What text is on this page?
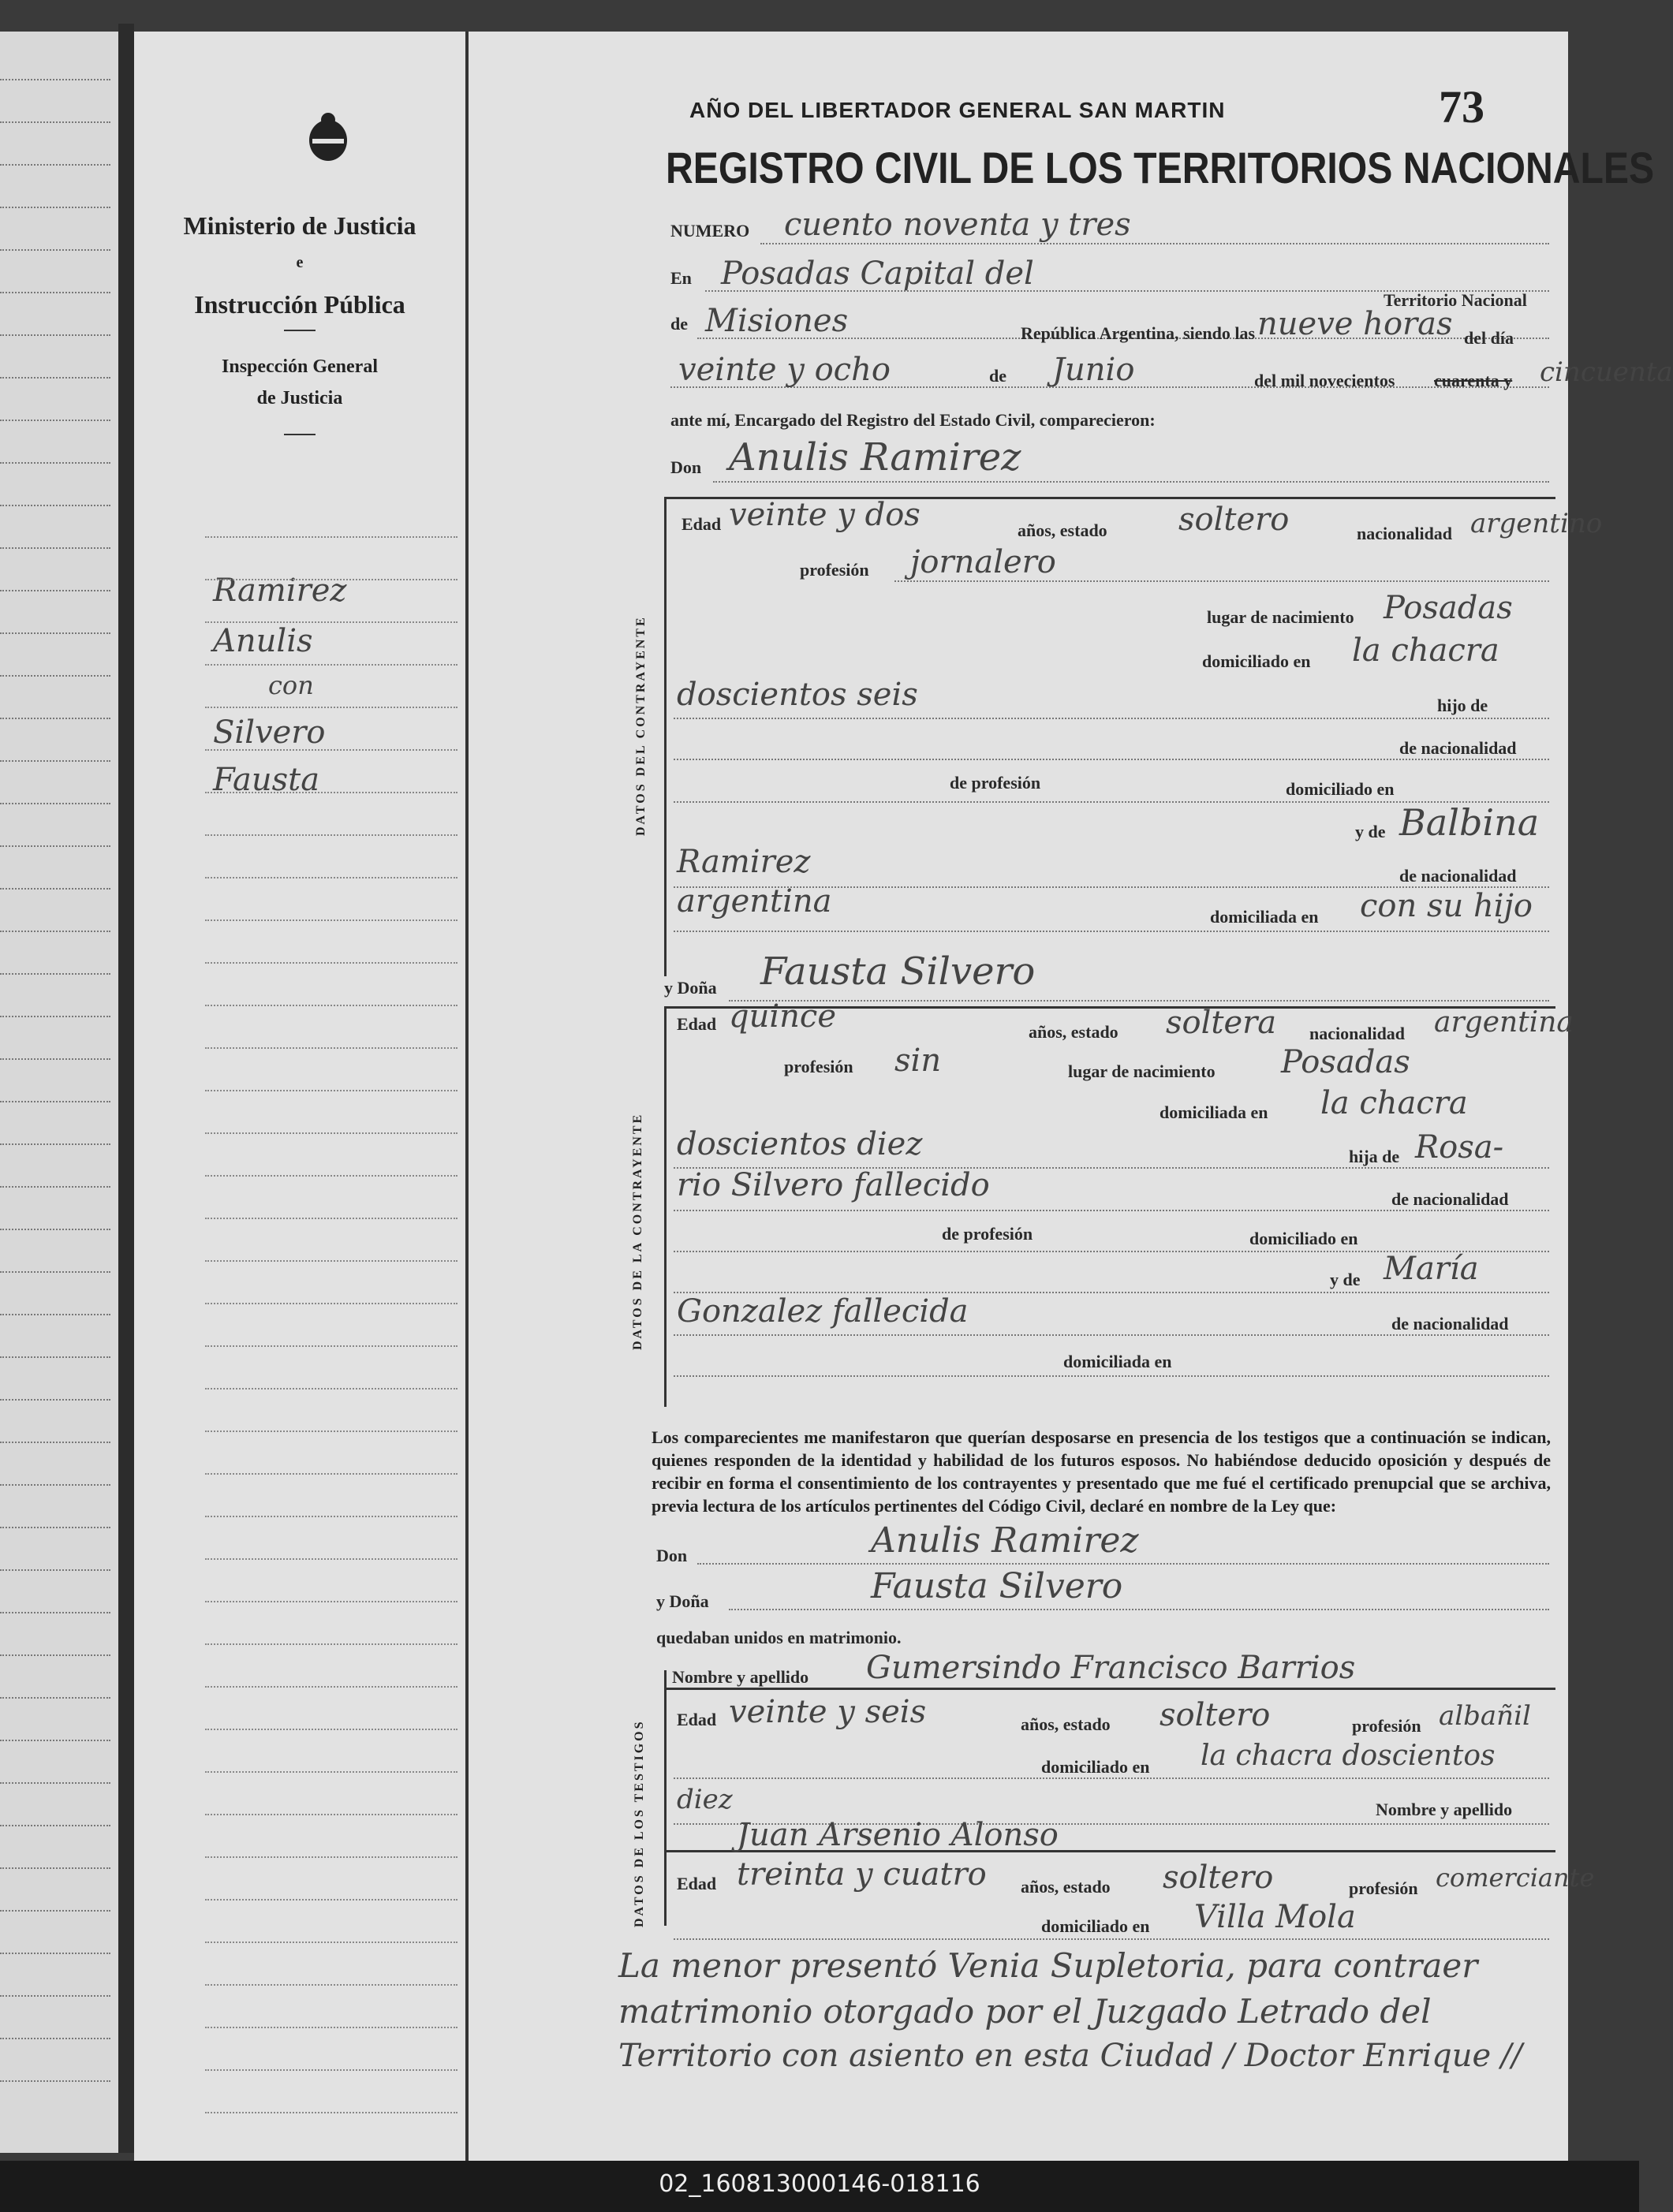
Ministerio de Justicia
e
Instrucción Pública
Inspección General
de Justicia
Ramirez
Anulis
con
Silvero
Fausta
AÑO DEL LIBERTADOR GENERAL SAN MARTIN	73
REGISTRO CIVIL DE LOS TERRITORIOS NACIONALES
NUMERO cuento noventa y tres
En Posadas Capital del
Territorio Nacional
de Misiones	República Argentina, siendo las nueve horas del día
veinte y ocho	de Junio	del mil novecientos cuarenta y cincuenta
ante mí, Encargado del Registro del Estado Civil, comparecieron:
Don Anulis Ramirez
DATOS DEL CONTRAYENTE
Edad veinte y dos	años, estado soltero	nacionalidad argentino
profesión jornalero
lugar de nacimiento Posadas
domiciliado en la chacra
doscientos seis	hijo de
de nacionalidad
de profesión	domiciliado en
y de Balbina
Ramirez	de nacionalidad
argentina	domiciliada en con su hijo
y Doña Fausta Silvero
DATOS DE LA CONTRAYENTE
Edad quince	años, estado soltera nacionalidad argentina
profesión sin	lugar de nacimiento Posadas
domiciliada en la chacra
doscientos diez	hija de Rosa-
rio Silvero fallecido	de nacionalidad
de profesión	domiciliado en
y de María
Gonzalez fallecida	de nacionalidad
domiciliada en
Los comparecientes me manifestaron que querían desposarse en presencia de los testigos que a continuación se indican, quienes responden de la identidad y habilidad de los futuros esposos. No habiéndose deducido oposición y después de recibir en forma el consentimiento de los contrayentes y presentado que me fué el certificado prenupcial que se archiva, previa lectura de los artículos pertinentes del Código Civil, declaré en nombre de la Ley que:
Don	Anulis Ramirez
y Doña	Fausta Silvero
quedaban unidos en matrimonio.
DATOS DE LOS TESTIGOS
Nombre y apellido Gumersindo Francisco Barrios
Edad veinte y seis	años, estado soltero	profesión albañil
domiciliado en la chacra doscientos
diez	Nombre y apellido
Juan Arsenio Alonso
Edad treinta y cuatro años, estado soltero	profesión comerciante
domiciliado en Villa Mola
La menor presentó Venia Supletoria, para contraer
matrimonio otorgado por el Juzgado Letrado del
Territorio con asiento en esta Ciudad / Doctor Enrique //
02_160813000146-018116
